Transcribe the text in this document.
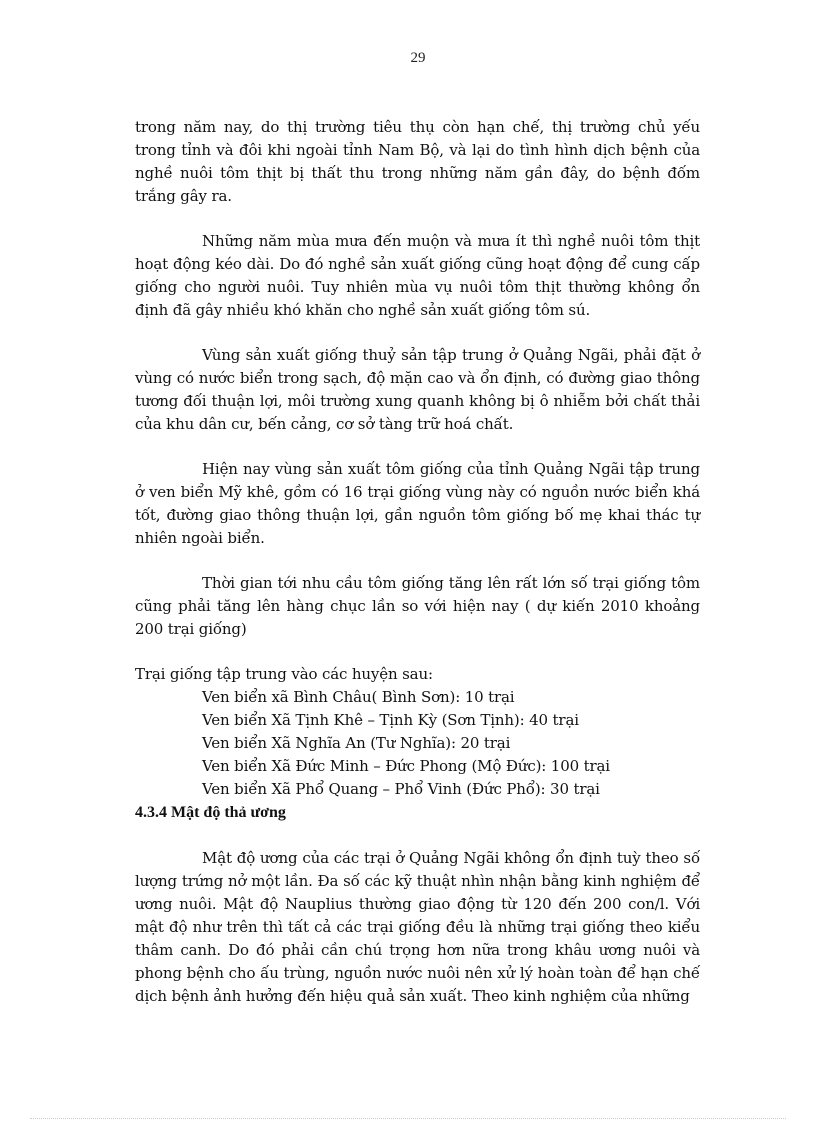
29

trong năm nay, do thị trường tiêu thụ còn hạn chế, thị trường chủ yếu trong tỉnh và đôi khi ngoài tỉnh Nam Bộ, và lại do tình hình dịch bệnh của nghề nuôi tôm thịt bị thất thu trong những năm gần đây, do bệnh đốm trắng gây ra.

Những năm mùa mưa đến muộn và mưa ít thì nghề nuôi tôm thịt hoạt động kéo dài. Do đó nghề sản xuất giống cũng hoạt động để cung cấp giống cho người nuôi. Tuy nhiên mùa vụ nuôi tôm thịt thường không ổn định đã gây nhiều khó khăn cho nghề sản xuất giống tôm sú.

Vùng sản xuất giống thuỷ sản tập trung ở Quảng Ngãi, phải đặt ở vùng có nước biển trong sạch, độ mặn cao và ổn định, có đường giao thông tương đối thuận lợi, môi trường xung quanh không bị ô nhiễm bởi chất thải của khu dân cư, bến cảng, cơ sở tàng trữ hoá chất.

Hiện nay vùng sản xuất tôm giống của tỉnh Quảng Ngãi tập trung ở ven biển Mỹ khê, gồm có 16 trại giống vùng này có nguồn nước biển khá tốt, đường giao thông thuận lợi, gần nguồn tôm giống bố mẹ khai thác tự nhiên ngoài biển.

Thời gian tới nhu cầu tôm giống tăng lên rất lớn số trại giống tôm cũng phải tăng lên hàng chục lần so với hiện nay ( dự kiến 2010 khoảng 200 trại giống)

Trại giống tập trung vào các huyện sau:

Ven biển xã Bình Châu( Bình Sơn): 10 trại
Ven biển Xã Tịnh Khê – Tịnh Kỳ (Sơn Tịnh): 40 trại
Ven biển Xã Nghĩa An (Tư Nghĩa): 20 trại
Ven biển Xã Đức Minh – Đức Phong (Mộ Đức): 100 trại
Ven biển Xã Phổ Quang – Phổ Vinh (Đức Phổ): 30 trại
4.3.4 Mật độ thả ương

Mật độ ương của các trại ở Quảng Ngãi không ổn định tuỳ theo số lượng trứng nở một lần. Đa số các kỹ thuật nhìn nhận bằng kinh nghiệm để ương nuôi. Mật độ Nauplius thường giao động từ 120 đến 200 con/l. Với mật độ như trên thì tất cả các trại giống đều là những trại giống theo kiểu thâm canh. Do đó phải cần chú trọng hơn nữa trong khâu ương nuôi và phong bệnh cho ấu trùng, nguồn nước nuôi nên xử lý hoàn toàn để hạn chế dịch bệnh ảnh hưởng đến hiệu quả sản xuất. Theo kinh nghiệm của những
